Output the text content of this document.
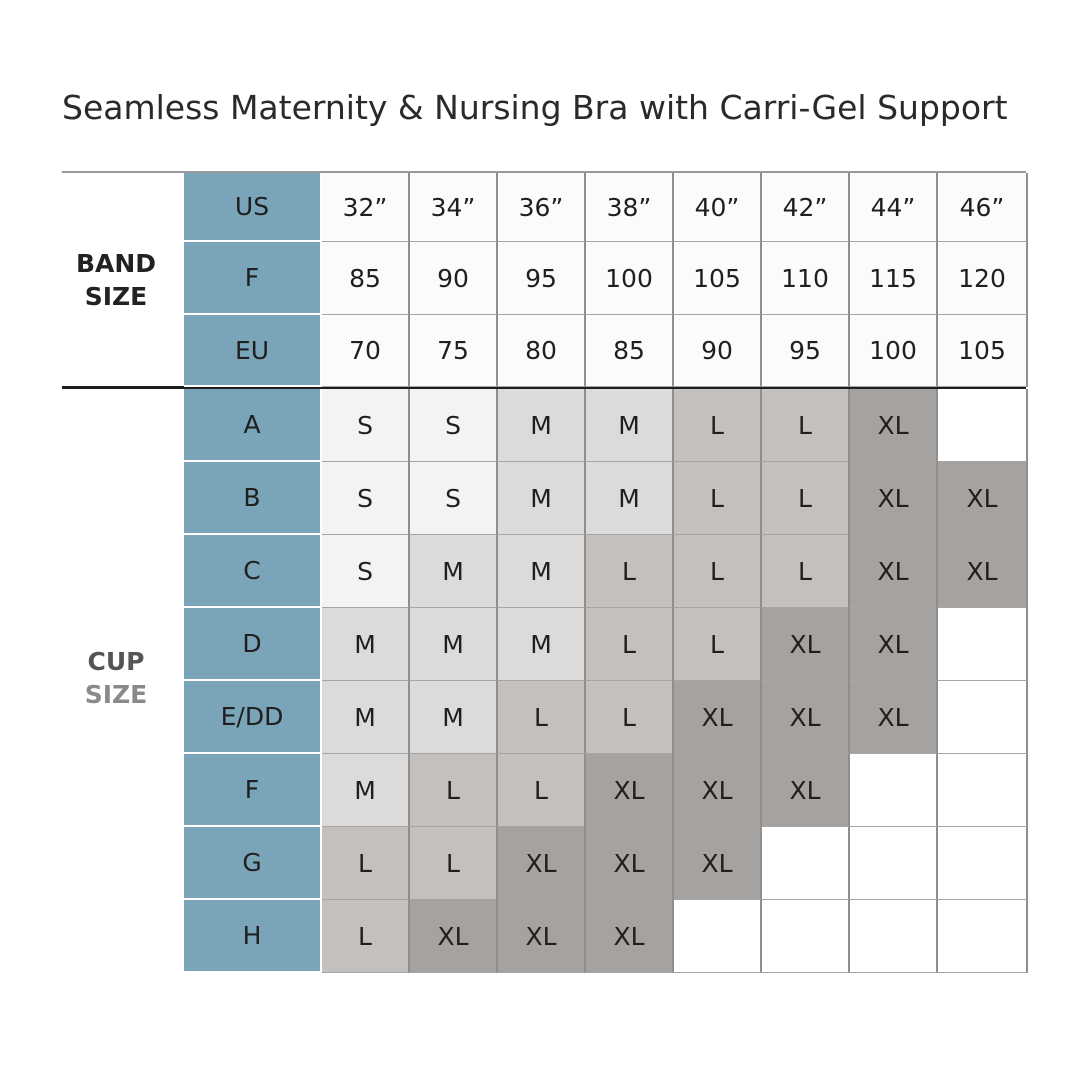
Seamless Maternity & Nursing Bra with Carri-Gel Support
BAND
SIZE
CUP
SIZE
US	32”	34”	36”	38”	40”	42”	44”	46”
F	85	90	95	100	105	110	115	120
EU	70	75	80	85	90	95	100	105
A	S	S	M	M	L	L	XL
B	S	S	M	M	L	L	XL	XL
C	S	M	M	L	L	L	XL	XL
D	M	M	M	L	L	XL	XL
E/DD	M	M	L	L	XL	XL	XL
F	M	L	L	XL	XL	XL
G	L	L	XL	XL	XL
H	L	XL	XL	XL
